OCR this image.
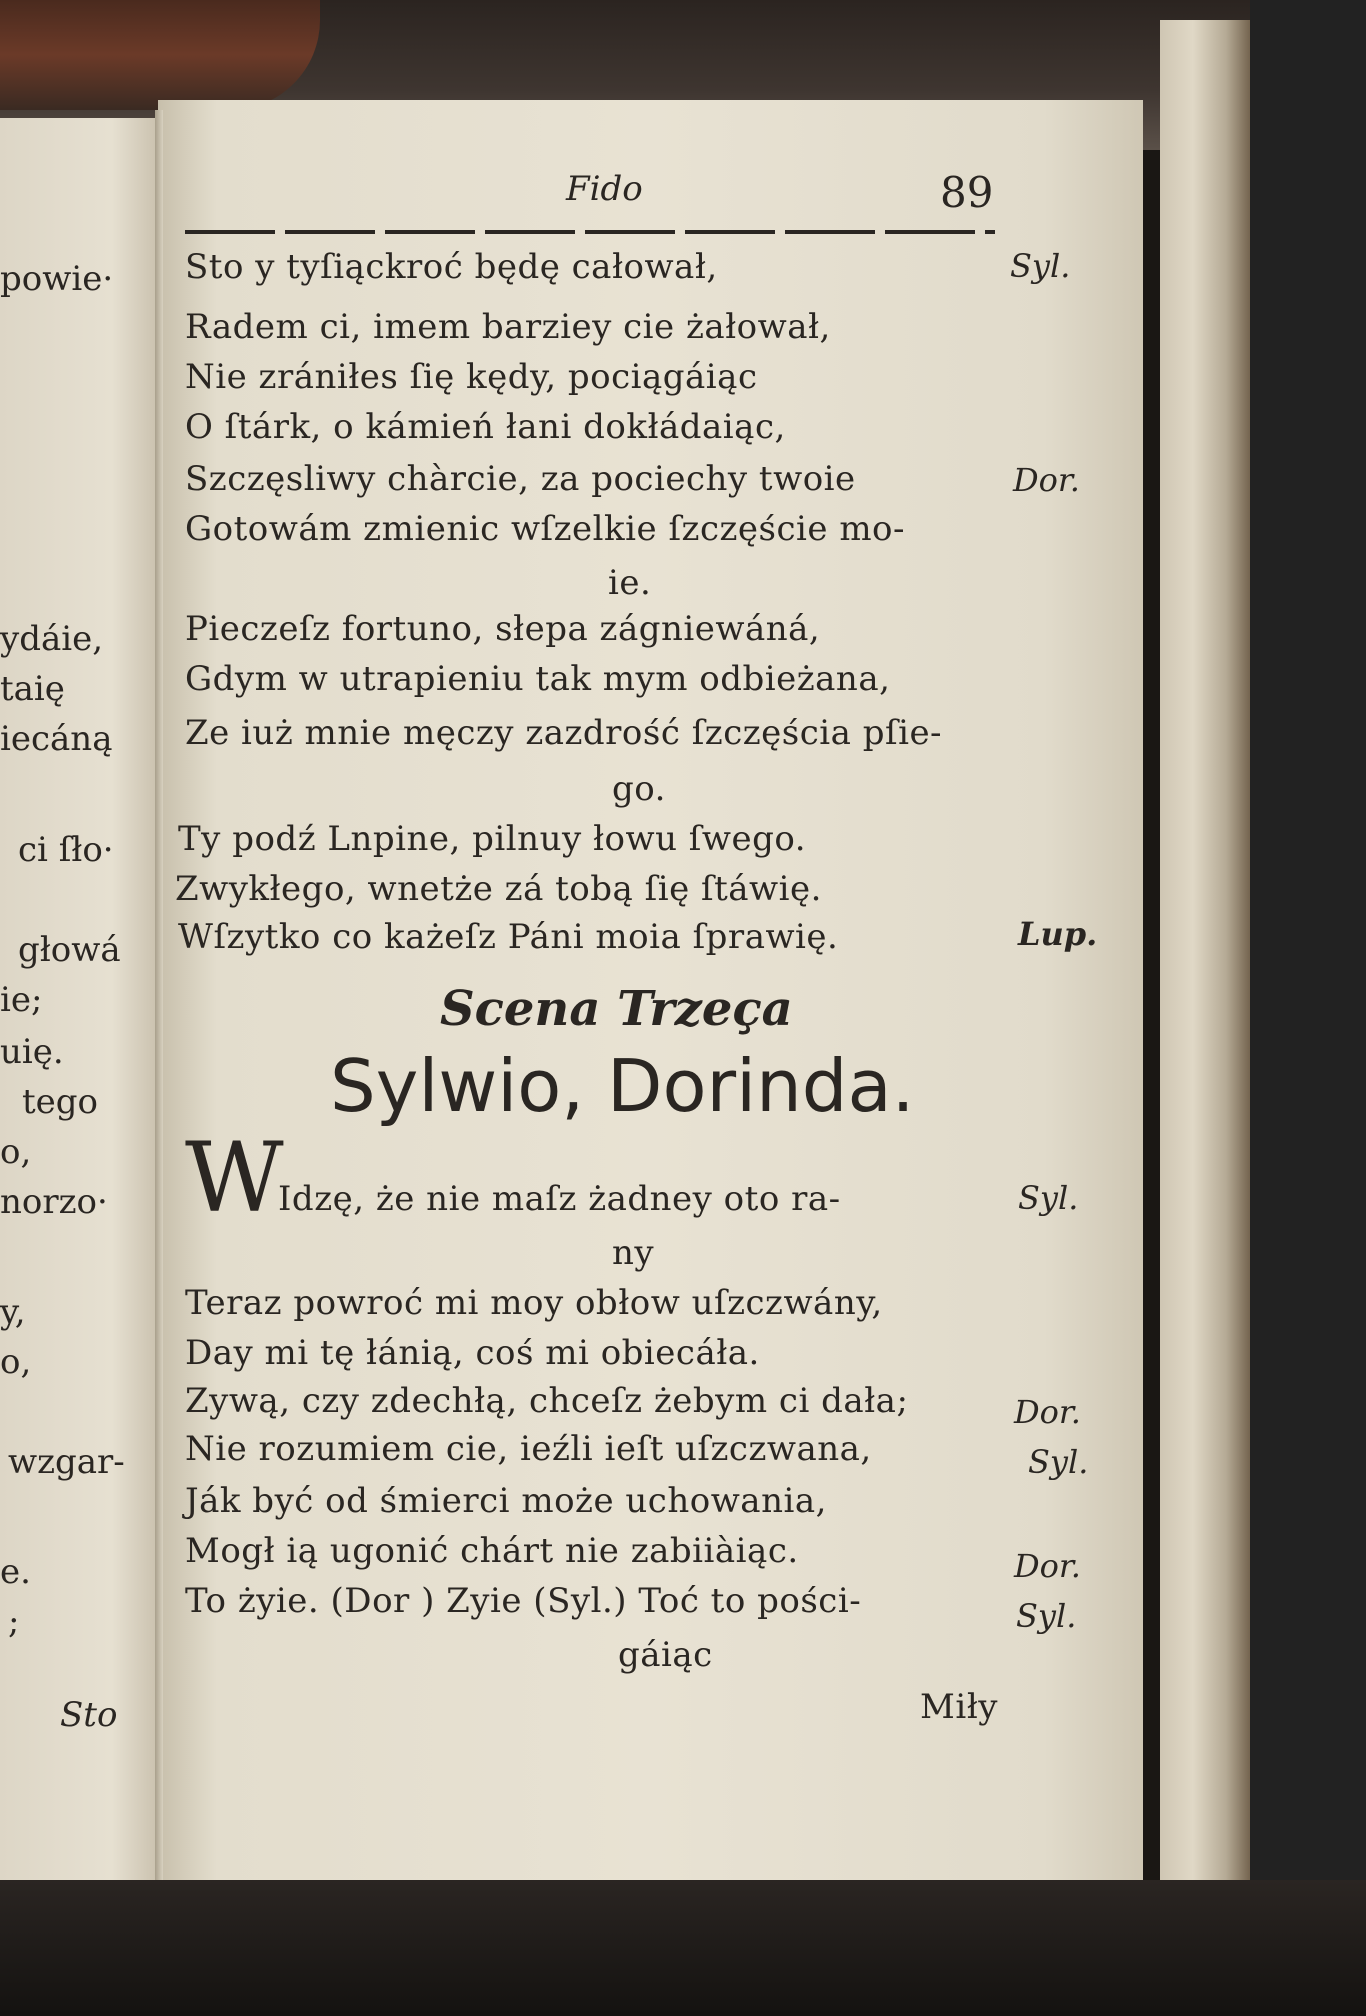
powie·
ydáie,
taię
iecáną
ci ſło·
głowá
ie;
uię.
tego
o,
norzo·
y,
o,
wzgar-
e.
;
Sto
Fido	89
Sto y tyſiąckroć będę całował,	Syl.
Radem ci, imem barziey cie żałował,
Nie zrániłes ſię kędy, pociągáiąc
O ſtárk, o kámień łani dokłádaiąc,
Szczęsliwy chàrcie, za pociechy twoie	Dor.
Gotowám zmienic wſzelkie ſzczęście mo-
ie.
Pieczeſz fortuno, słepa zágniewáná,
Gdym w utrapieniu tak mym odbieżana,
Ze iuż mnie męczy zazdrość ſzczęścia pſie-
go.
Ty podź Lnpine, pilnuy łowu ſwego.
Zwykłego, wnetże zá tobą ſię ſtáwię.
Wſzytko co każeſz Páni moia ſprawię.	Lup.
Scena Trzeça
Sylwio, Dorinda.
W
Idzę, że nie maſz żadney oto ra-	Syl.
ny
Teraz powroć mi moy obłow uſzczwány,
Day mi tę łánią, coś mi obiecáła.
Zywą, czy zdechłą, chceſz żebym ci dała;	Dor.
Nie rozumiem cie, ieźli ieſt uſzczwana,	Syl.
Ják być od śmierci może uchowania,
Mogł ią ugonić chárt nie zabiiàiąc.	Dor.
To żyie. (Dor ) Zyie (Syl.) Toć to pości-	Syl.
gáiąc
Miły
